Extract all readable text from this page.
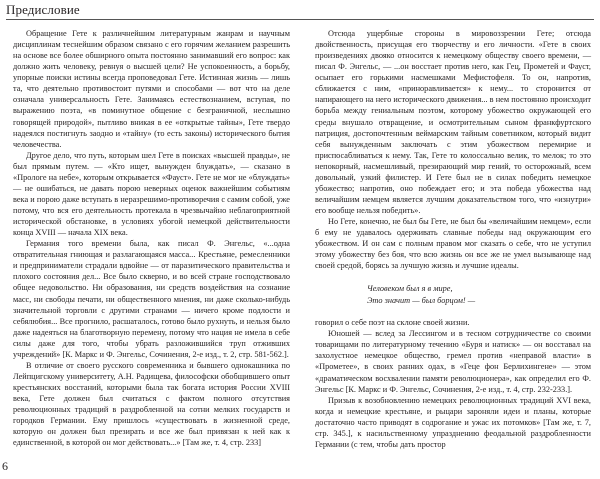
Предисловие

Обращение Гете к различнейшим литературным жанрам и научным дисциплинам теснейшим образом связано с его горячим желанием разрешить на основе все более обширного опыта постоянно занимавший его вопрос: как должно жить человеку, ревнуя о высшей цели? Не успокоенность, а борьбу, упорные поиски истины всегда проповедовал Гете. Истинная жизнь — лишь та, что деятельно противостоит путями и способами — вот что на деле означала универсальность Гете. Занимаясь естествознанием, вступая, по выражению поэта, «в поминутное общение с безграничной, неслышно говорящей природой», пытливо вникая в ее «открытые тайны», Гете твердо надеялся постигнуть заодно и «тайну» (то есть законы) исторического бытия человечества.

Другое дело, что путь, которым шел Гете в поисках «высшей правды», не был прямым путем. — «Кто ищет, вынужден блуждать», — сказано в «Прологе на небе», которым открывается «Фауст». Гете не мог не «блуждать» — не ошибаться, не давать порою неверных оценок важнейшим событиям века и порою даже вступать в неразрешимо-противоречия с самим собой, уже потому, что вся его деятельность протекала в чрезвычайно неблагоприятной исторической обстановке, в условиях убогой немецкой действительности конца XVIII — начала XIX века.

Германия того времени была, как писал Ф. Энгельс, «...одна отвратительная гниющая и разлагающаяся масса... Крестьяне, ремесленники и предприниматели страдали вдвойне — от паразитического правительства и плохого состояния дел... Все было скверно, и во всей стране господствовало общее недовольство. Ни образования, ни средств воздействия на сознание масс, ни свободы печати, ни общественного мнения, ни даже сколько-нибудь значительной торговли с другими странами — ничего кроме подлости и себялюбия... Все прогнило, расшаталось, готово было рухнуть, и нельзя было даже надеяться на благотворную перемену, потому что нация не имела в себе силы даже для того, чтобы убрать разложившийся труп отживших учреждений» [К. Маркс и Ф. Энгельс, Сочинения, 2-е изд., т. 2, стр. 581-562.].

В отличие от своего русского современника и бывшего однокашника по Лейпцигскому университету, А.Н. Радищева, философски обобщившего опыт крестьянских восстаний, которыми была так богата история России XVIII века, Гете должен был считаться с фактом полного отсутствия революционных традиций в раздробленной на сотни мелких государств и городков Германии. Ему пришлось «существовать в жизненной среде, которую он должен был презирать и все же был привязан к ней как к единственной, в которой он мог действовать...» [Там же, т. 4, стр. 233]

Отсюда ущербные стороны в мировоззрении Гете; отсюда двойственность, присущая его творчеству и его личности. «Гете в своих произведениях двояко относится к немецкому обществу своего времени, — писал Ф. Энгельс, — ...он восстает против него, как Гец, Прометей и Фауст, осыпает его горькими насмешками Мефистофеля. То он, напротив, сближается с ним, «приноравливается» к нему... то сторонится от напирающего на него исторического движения... в нем постоянно происходит борьба между гениальным поэтом, которому убожество окружающей его среды внушало отвращение, и осмотрительным сыном франкфуртского патриция, достопочтенным веймарским тайным советником, который видит себя вынужденным заключать с этим убожеством перемирие и приспосабливаться к нему. Так, Гете то колоссально велик, то мелок; то это непокорный, насмешливый, презирающий мир гений, то осторожный, всем довольный, узкий филистер. И Гете был не в силах победить немецкое убожество; напротив, оно побеждает его; и эта победа убожества над величайшим немцем является лучшим доказательством того, что «изнутри» его вообще нельзя победить».

Но Гете, конечно, не был бы Гете, не был бы «величайшим немцем», если б ему не удавалось одерживать славные победы над окружающим его убожеством. И он сам с полным правом мог сказать о себе, что не уступил этому убожеству без боя, что всю жизнь он все же не умел вызывающе над своей средой, борясь за лучшую жизнь и лучшие идеалы.

Человеком был я в мире,
Это значит — был борцом! —

говорил о себе поэт на склоне своей жизни.

Юношей — вслед за Лессингом и в тесном сотрудничестве со своими товарищами по литературному течению «Буря и натиск» — он восставал на захолустное немецкое общество, гремел против «неправой власти» в «Прометее», в своих ранних одах, в «Геце фон Берлихингене» — этом «драматическом восхвалении памяти революционера», как определил его Ф. Энгельс [К. Маркс и Ф. Энгельс, Сочинения, 2-е изд., т. 4, стр. 232-233.].

Призыв к возобновлению немецких революционных традиций XVI века, когда и немецкие крестьяне, и рыцари зароняли идеи и планы, которые достаточно часто приводят в содрогание и ужас их потомков» [Там же, т. 7, стр. 345.], к насильственному упразднению феодальной раздробленности Германии (с тем, чтобы дать простор

6
